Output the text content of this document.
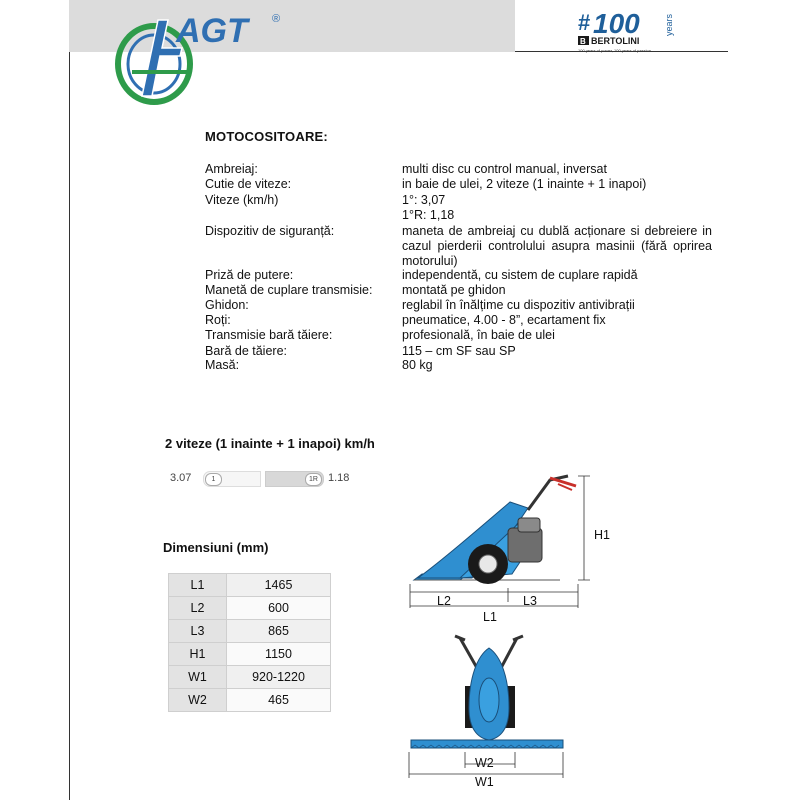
AGT ®	# 100	years
B BERTOLINI
100 years of power, 100 years of passion
MOTOCOSITOARE:
Ambreiaj:	multi disc cu control manual, inversat
Cutie de viteze:	in baie de ulei, 2 viteze (1 inainte + 1 inapoi)
Viteze (km/h)	1°: 3,07
1°R: 1,18
Dispozitiv de siguranță:	maneta de ambreiaj cu dublă acționare si debreiere in cazul pierderii controlului asupra masinii (fără oprirea motorului)
Priză de putere:	independentă, cu sistem de cuplare rapidă
Manetă de cuplare transmisie:	montată pe ghidon
Ghidon:	reglabil în înălțime cu dispozitiv antivibrații
Roți:	pneumatice, 4.00 - 8”, ecartament fix
Transmisie bară tăiere:	profesională, în baie de ulei
Bară de tăiere:	115 – cm SF sau SP
Masă:	80 kg
2 viteze (1 inainte + 1 inapoi) km/h
3.07	1	1R 1.18
Dimensiuni (mm)
L1	1465
L2	600
L3	865
H1	1150
W1	920-1220
W2	465
H1
L2	L3
L1
W2
W1
